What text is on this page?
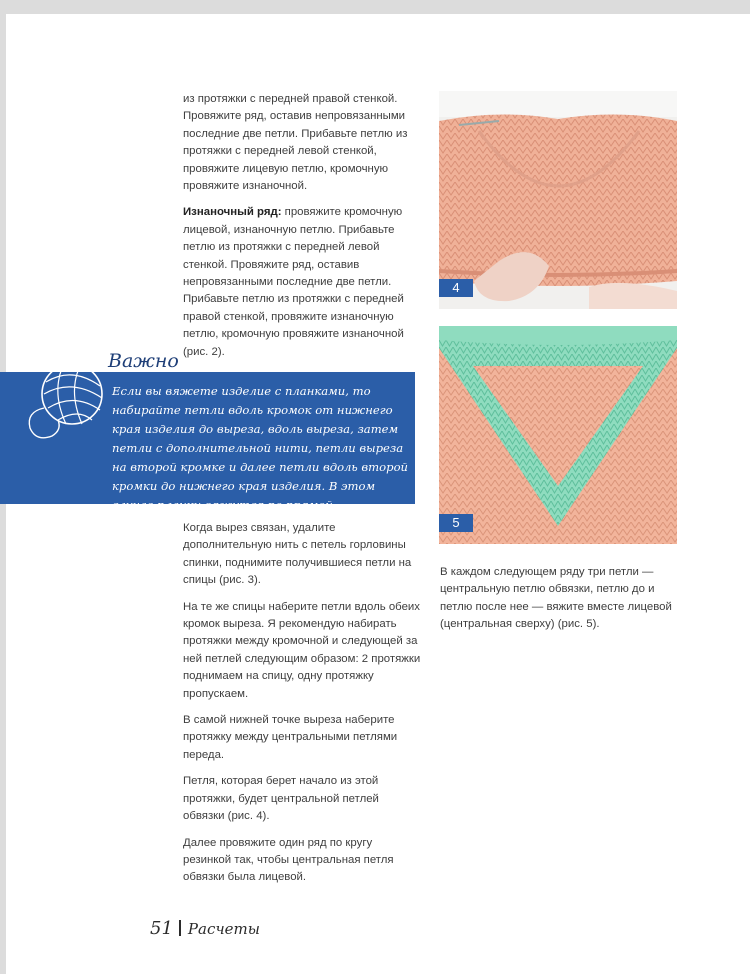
из протяжки с передней правой стенкой. Провяжите ряд, оставив непровязанными последние две петли. Прибавьте петлю из протяжки с передней левой стенкой, провяжите лицевую петлю, кромочную провяжите изнаночной.

Изнаночный ряд: провяжите кромочную лицевой, изнаночную петлю. Прибавьте петлю из протяжки с передней левой стенкой. Провяжите ряд, оставив непровязанными последние две петли. Прибавьте петлю из протяжки с передней правой стенкой, провяжите изнаночную петлю, кромочную провяжите изнаночной (рис. 2).

Важно
Если вы вяжете изделие с планками, то набирайте петли вдоль кромок от нижнего края изделия до выреза, вдоль выреза, затем петли с дополнительной нити, петли выреза на второй кромке и далее петли вдоль второй кромки до нижнего края изделия. В этом случае планки вяжутся по прямой.

Когда вырез связан, удалите дополнительную нить с петель горловины спинки, поднимите получившиеся петли на спицы (рис. 3).

На те же спицы наберите петли вдоль обеих кромок выреза. Я рекомендую набирать протяжки между кромочной и следующей за ней петлей следующим образом: 2 протяжки поднимаем на спицу, одну протяжку пропускаем.

В самой нижней точке выреза наберите протяжку между центральными петлями переда.

Петля, которая берет начало из этой протяжки, будет центральной петлей обвязки (рис. 4).

Далее провяжите один ряд по кругу резинкой так, чтобы центральная петля обвязки была лицевой.

4
5
В каждом следующем ряду три петли — центральную петлю обвязки, петлю до и петлю после нее — вяжите вместе лицевой (центральная сверху) (рис. 5).
51 Расчеты
